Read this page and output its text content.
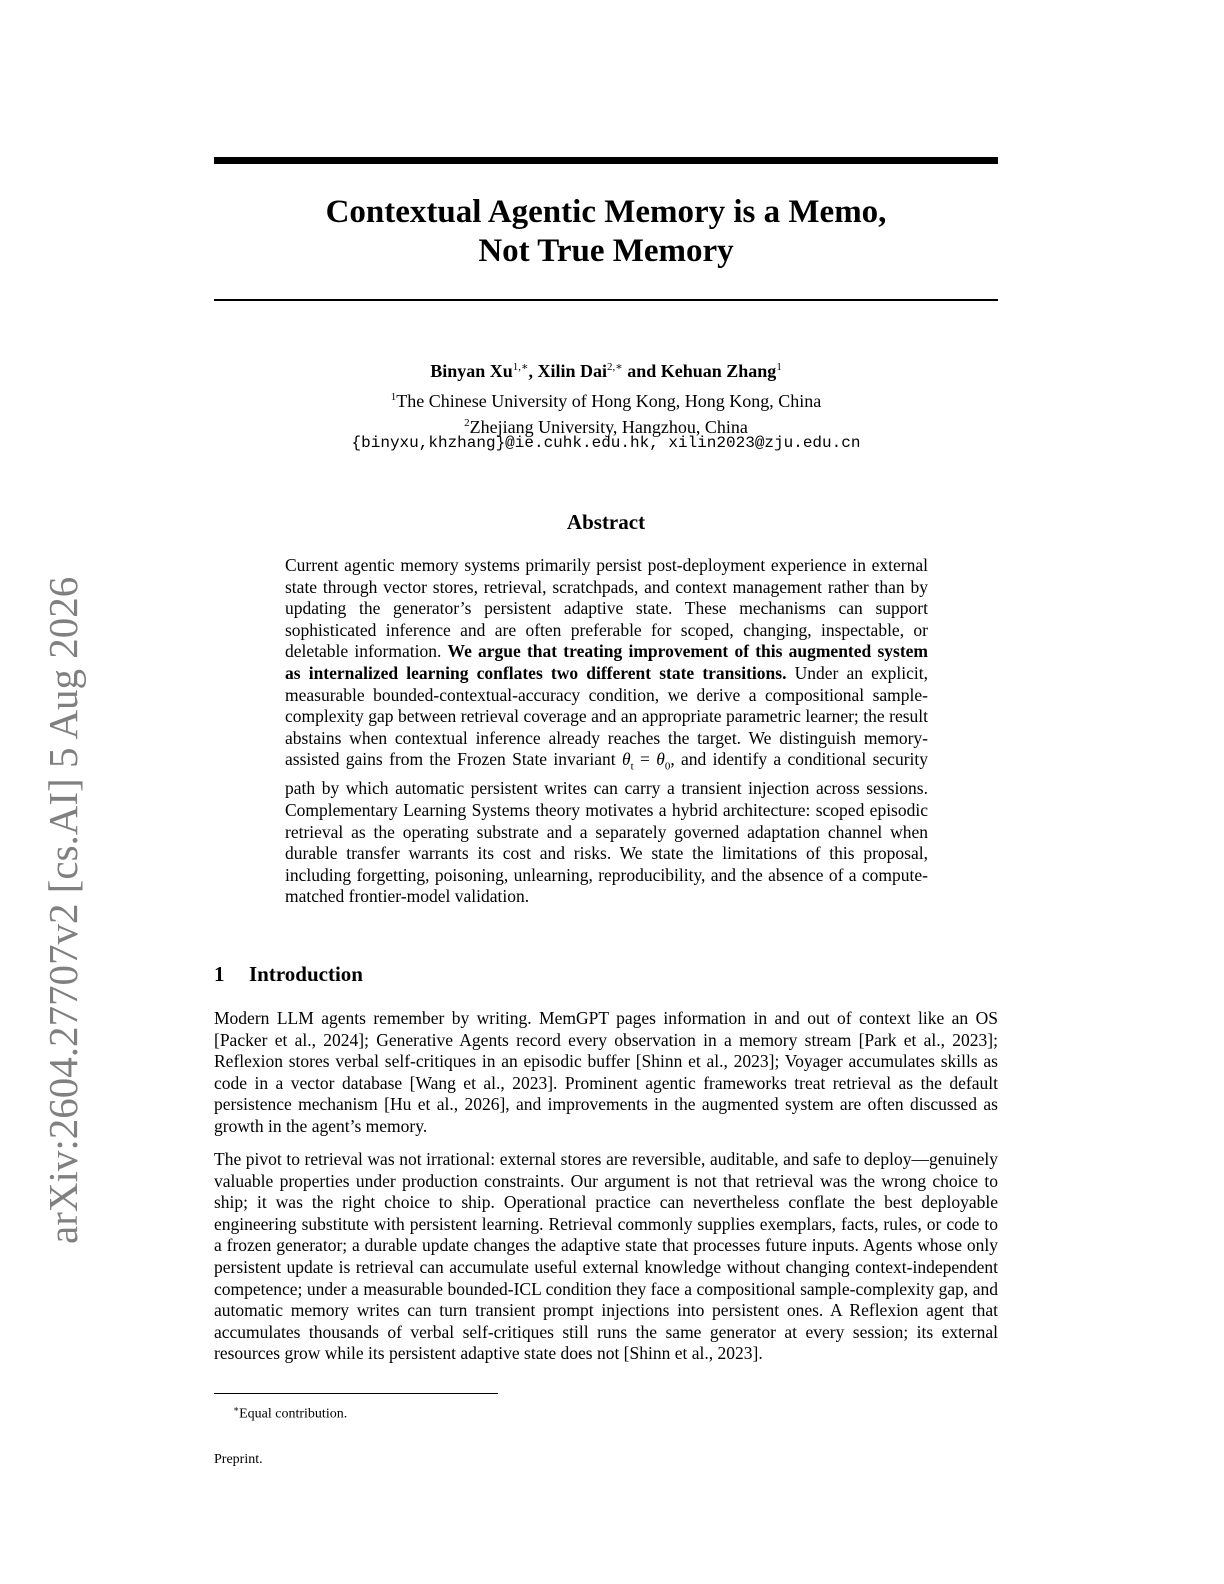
arXiv:2604.27707v2 [cs.AI] 5 Aug 2026
Contextual Agentic Memory is a Memo,
Not True Memory
Binyan $Xu^{1,∗}$, Xilin Dai$^{2,∗}$ and Kehuan Zhang$^1$
$^1$The Chinese University of Hong Kong, Hong Kong, China
$^2$Zhejiang University, Hangzhou, China
{binyxu,khzhang}@ie.cuhk.edu.hk, xilin2023@zju.edu.cn
Abstract
Current agentic memory systems primarily persist post-deployment experience in external state through vector stores, retrieval, scratchpads, and context management rather than by updating the generator’s persistent adaptive state. These mechanisms can support sophisticated inference and are often preferable for scoped, changing, inspectable, or deletable information. We argue that treating improvement of this augmented system as internalized learning conflates two different state transitions. Under an explicit, measurable bounded-contextual-accuracy condition, we derive a compositional sample-complexity gap between retrieval coverage and an appropriate parametric learner; the result abstains when contextual inference already reaches the target. We distinguish memory-assisted gains from the Frozen State invariant $\theta_t = \theta_0$, and identify a conditional security path by which automatic persistent writes can carry a transient injection across sessions. Complementary Learning Systems theory motivates a hybrid architecture: scoped episodic retrieval as the operating substrate and a separately governed adaptation channel when durable transfer warrants its cost and risks. We state the limitations of this proposal, including forgetting, poisoning, unlearning, reproducibility, and the absence of a compute-matched frontier-model validation.
1 Introduction

Modern LLM agents remember by writing. MemGPT pages information in and out of context like an OS [Packer et al., 2024]; Generative Agents record every observation in a memory stream [Park et al., 2023]; Reflexion stores verbal self-critiques in an episodic buffer [Shinn et al., 2023]; Voyager accumulates skills as code in a vector database [Wang et al., 2023]. Prominent agentic frameworks treat retrieval as the default persistence mechanism [Hu et al., 2026], and improvements in the augmented system are often discussed as growth in the agent’s memory.

The pivot to retrieval was not irrational: external stores are reversible, auditable, and safe to deploy—genuinely valuable properties under production constraints. Our argument is not that retrieval was the wrong choice to ship; it was the right choice to ship. Operational practice can nevertheless conflate the best deployable engineering substitute with persistent learning. Retrieval commonly supplies exemplars, facts, rules, or code to a frozen generator; a durable update changes the adaptive state that processes future inputs. Agents whose only persistent update is retrieval can accumulate useful external knowledge without changing context-independent competence; under a measurable bounded-ICL condition they face a compositional sample-complexity gap, and automatic memory writes can turn transient prompt injections into persistent ones. A Reflexion agent that accumulates thousands of verbal self-critiques still runs the same generator at every session; its external resources grow while its persistent adaptive state does not [Shinn et al., 2023].

∗Equal contribution.
Preprint.
